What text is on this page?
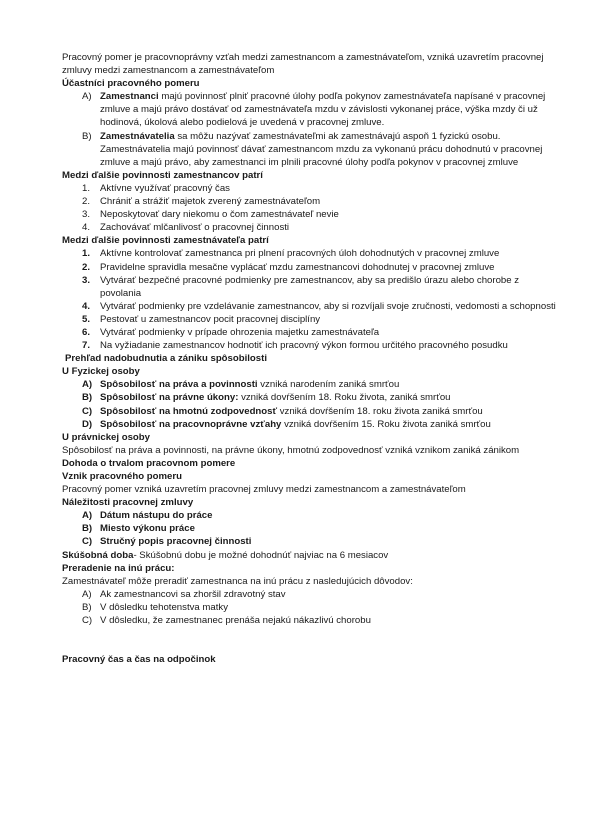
Pracovný pomer je pracovnoprávny vzťah medzi zamestnancom a zamestnávateľom, vzniká uzavretím pracovnej zmluvy medzi zamestnancom a zamestnávateľom

Účastníci pracovného pomeru

A) Zamestnanci majú povinnosť plniť pracovné úlohy podľa pokynov zamestnávateľa napísané v pracovnej zmluve a majú právo dostávať od zamestnávateľa mzdu v závislosti vykonanej práce, výška mzdy či už hodinová, úkolová alebo podielová je uvedená v pracovnej zmluve.
B) Zamestnávatelia sa môžu nazývať zamestnávateľmi ak zamestnávajú aspoň 1 fyzickú osobu. Zamestnávatelia majú povinnosť dávať zamestnancom mzdu za vykonanú prácu dohodnutú v pracovnej zmluve a majú právo, aby zamestnanci im plnili pracovné úlohy podľa pokynov v pracovnej zmluve

Medzi ďalšie povinnosti zamestnancov patrí

1. Aktívne využívať pracovný čas
2. Chrániť a strážiť majetok zverený zamestnávateľom
3. Neposkytovať dary niekomu o čom zamestnávateľ nevie
4. Zachovávať mlčanlivosť o pracovnej činnosti

Medzi ďalšie povinnosti zamestnávateľa patrí

1. Aktívne kontrolovať zamestnanca pri plnení pracovných úloh dohodnutých v pracovnej zmluve
2. Pravidelne spravidla mesačne vyplácať mzdu zamestnancovi dohodnutej v pracovnej zmluve
3. Vytvárať bezpečné pracovné podmienky pre zamestnancov, aby sa predišlo úrazu alebo chorobe z povolania
4. Vytvárať podmienky pre vzdelávanie zamestnancov, aby si rozvíjali svoje zručnosti, vedomosti a schopnosti
5. Pestovať u zamestnancov pocit pracovnej disciplíny
6. Vytvárať podmienky v prípade ohrozenia majetku zamestnávateľa
7. Na vyžiadanie zamestnancov hodnotiť ich pracovný výkon formou určitého pracovného posudku

Prehľad nadobudnutia a zániku spôsobilosti

U Fyzickej osoby

A) Spôsobilosť na práva a povinnosti vzniká narodením zaniká smrťou
B) Spôsobilosť na právne úkony: vzniká dovŕšením 18. Roku života, zaniká smrťou
C) Spôsobilosť na hmotnú zodpovednosť vzniká dovŕšením 18. roku života zaniká smrťou
D) Spôsobilosť na pracovnoprávne vzťahy vzniká dovŕšením 15. Roku života zaniká smrťou

U právnickej osoby

Spôsobilosť na práva a povinnosti, na právne úkony, hmotnú zodpovednosť vzniká vznikom zaniká zánikom

Dohoda o trvalom pracovnom pomere

Vznik pracovného pomeru

Pracovný pomer vzniká uzavretím pracovnej zmluvy medzi zamestnancom a zamestnávateľom

Náležitosti pracovnej zmluvy

A) Dátum nástupu do práce
B) Miesto výkonu práce
C) Stručný popis pracovnej činnosti

Skúšobná doba- Skúšobnú dobu je možné dohodnúť najviac na 6 mesiacov

Preradenie na inú prácu:

Zamestnávateľ môže preradiť zamestnanca na inú prácu z nasledujúcich dôvodov:

A) Ak zamestnancovi sa zhoršil zdravotný stav
B) V dôsledku tehotenstva matky
C) V dôsledku, že zamestnanec prenáša nejakú nákazlivú chorobu

Pracovný čas a čas na odpočinok
